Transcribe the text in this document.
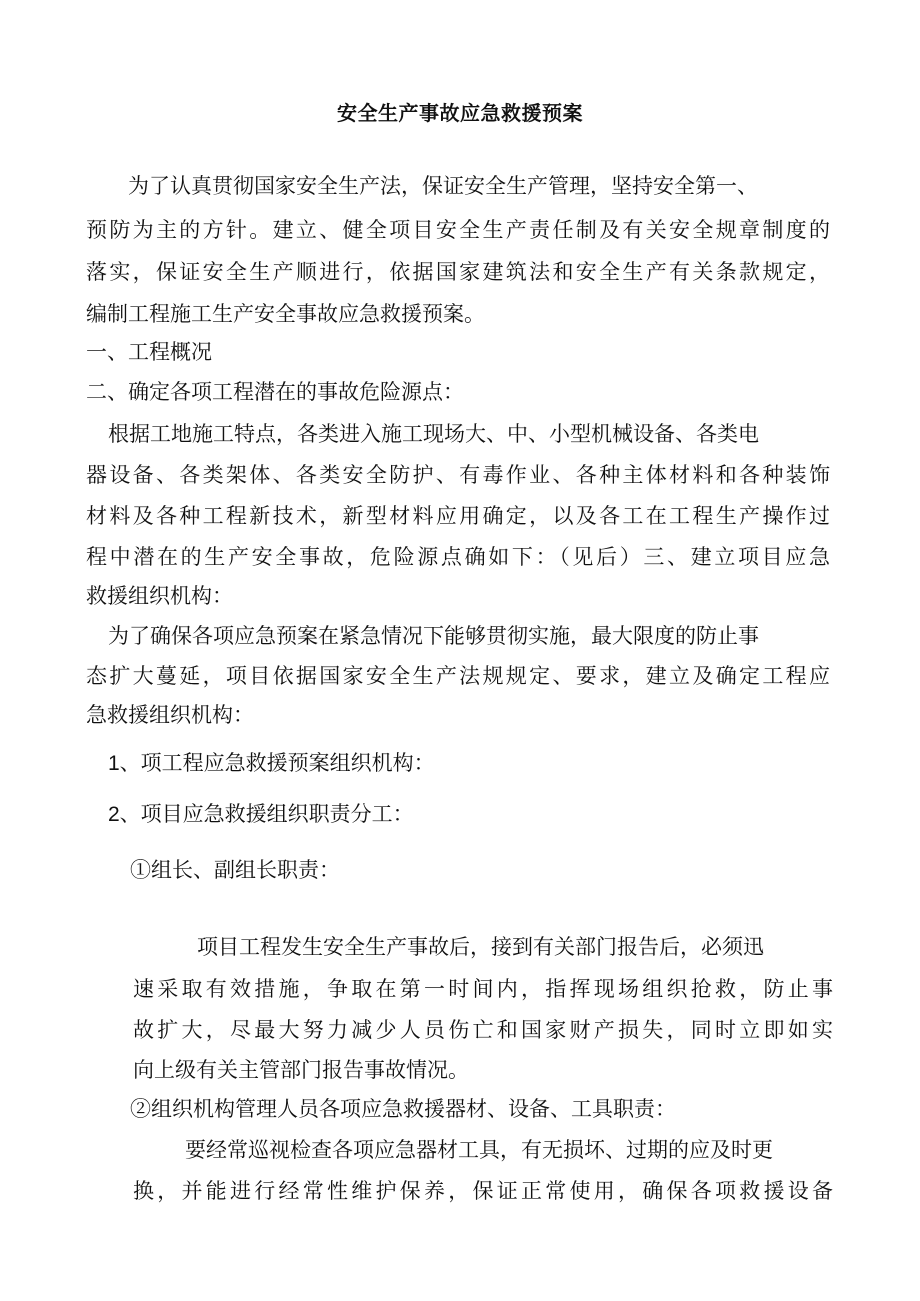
安全生产事故应急救援预案

为了认真贯彻国家安全生产法，保证安全生产管理，坚持安全第一、

预防为主的方针。建立、健全项目安全生产责任制及有关安全规章制度的

落实，保证安全生产顺进行，依据国家建筑法和安全生产有关条款规定，

编制工程施工生产安全事故应急救援预案。

一、工程概况

二、确定各项工程潜在的事故危险源点：

根据工地施工特点，各类进入施工现场大、中、小型机械设备、各类电

器设备、各类架体、各类安全防护、有毒作业、各种主体材料和各种装饰

材料及各种工程新技术，新型材料应用确定，以及各工在工程生产操作过

程中潜在的生产安全事故，危险源点确如下：（见后）三、建立项目应急

救援组织机构：

为了确保各项应急预案在紧急情况下能够贯彻实施，最大限度的防止事

态扩大蔓延，项目依据国家安全生产法规规定、要求，建立及确定工程应

急救援组织机构：

1、项工程应急救援预案组织机构：

2、项目应急救援组织职责分工：

①组长、副组长职责：

项目工程发生安全生产事故后，接到有关部门报告后，必须迅

速采取有效措施，争取在第一时间内，指挥现场组织抢救，防止事

故扩大，尽最大努力减少人员伤亡和国家财产损失，同时立即如实

向上级有关主管部门报告事故情况。

②组织机构管理人员各项应急救援器材、设备、工具职责：

要经常巡视检查各项应急器材工具，有无损坏、过期的应及时更

换，并能进行经常性维护保养，保证正常使用，确保各项救援设备
